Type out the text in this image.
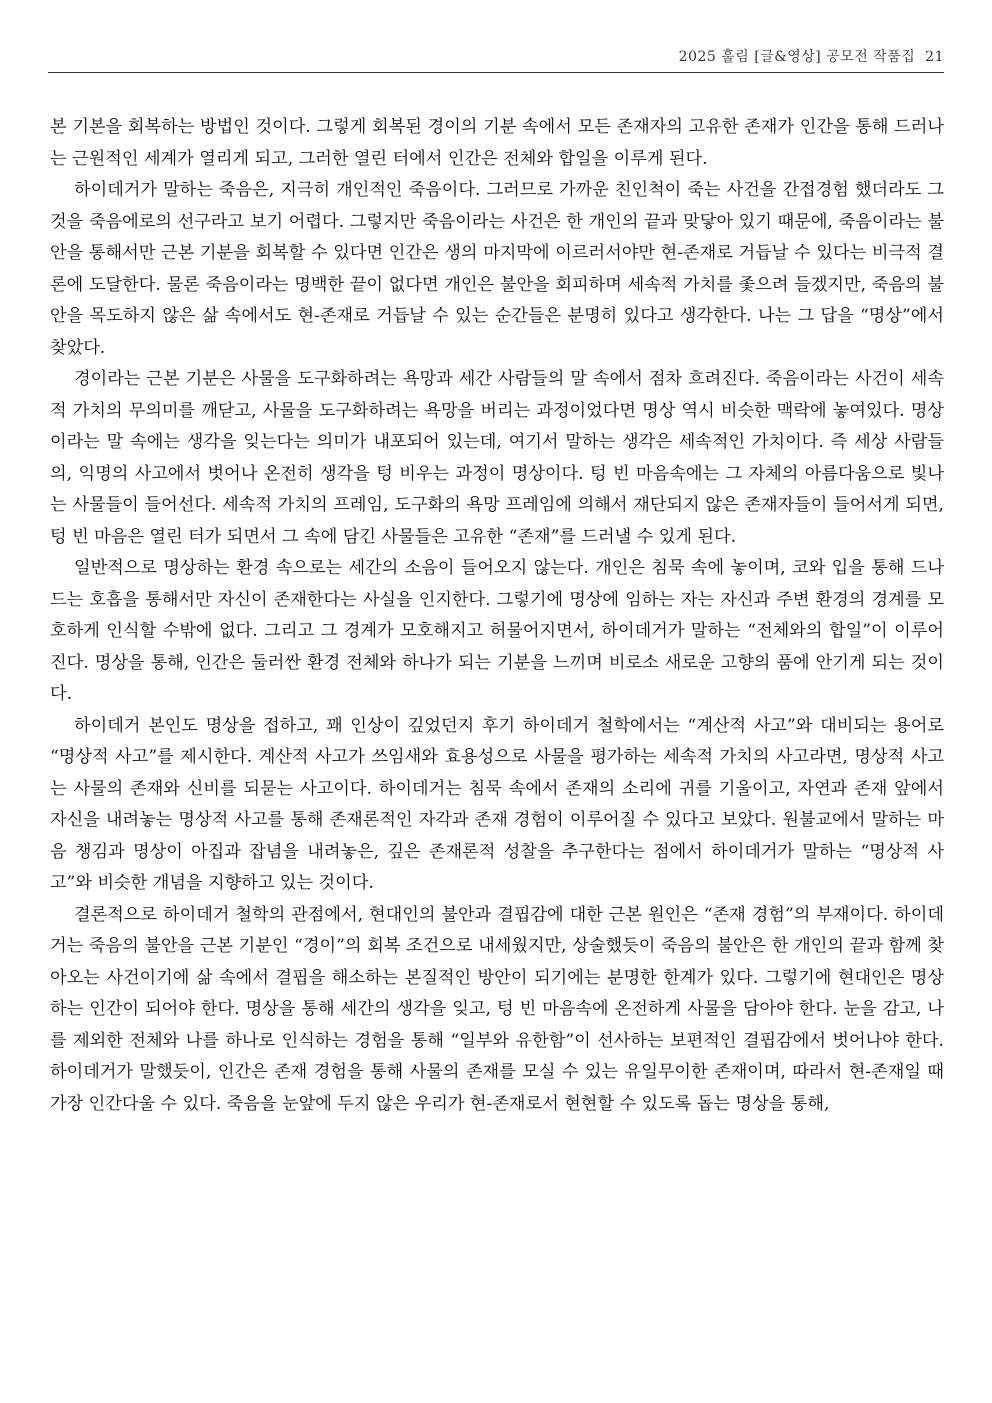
2025 훌림 [글&영상] 공모전 작품집 21

본 기본을 회복하는 방법인 것이다. 그렇게 회복된 경이의 기분 속에서 모든 존재자의 고유한 존재가 인간을 통해 드러나는 근원적인 세계가 열리게 되고, 그러한 열린 터에서 인간은 전체와 합일을 이루게 된다.

하이데거가 말하는 죽음은, 지극히 개인적인 죽음이다. 그러므로 가까운 친인척이 죽는 사건을 간접경험 했더라도 그것을 죽음에로의 선구라고 보기 어렵다. 그렇지만 죽음이라는 사건은 한 개인의 끝과 맞닿아 있기 때문에, 죽음이라는 불안을 통해서만 근본 기분을 회복할 수 있다면 인간은 생의 마지막에 이르러서야만 현-존재로 거듭날 수 있다는 비극적 결론에 도달한다. 물론 죽음이라는 명백한 끝이 없다면 개인은 불안을 회피하며 세속적 가치를 좇으려 들겠지만, 죽음의 불안을 목도하지 않은 삶 속에서도 현-존재로 거듭날 수 있는 순간들은 분명히 있다고 생각한다. 나는 그 답을 “명상”에서 찾았다.

경이라는 근본 기분은 사물을 도구화하려는 욕망과 세간 사람들의 말 속에서 점차 흐려진다. 죽음이라는 사건이 세속적 가치의 무의미를 깨닫고, 사물을 도구화하려는 욕망을 버리는 과정이었다면 명상 역시 비슷한 맥락에 놓여있다. 명상이라는 말 속에는 생각을 잊는다는 의미가 내포되어 있는데, 여기서 말하는 생각은 세속적인 가치이다. 즉 세상 사람들의, 익명의 사고에서 벗어나 온전히 생각을 텅 비우는 과정이 명상이다. 텅 빈 마음속에는 그 자체의 아름다움으로 빛나는 사물들이 들어선다. 세속적 가치의 프레임, 도구화의 욕망 프레임에 의해서 재단되지 않은 존재자들이 들어서게 되면, 텅 빈 마음은 열린 터가 되면서 그 속에 담긴 사물들은 고유한 “존재”를 드러낼 수 있게 된다.

일반적으로 명상하는 환경 속으로는 세간의 소음이 들어오지 않는다. 개인은 침묵 속에 놓이며, 코와 입을 통해 드나드는 호흡을 통해서만 자신이 존재한다는 사실을 인지한다. 그렇기에 명상에 임하는 자는 자신과 주변 환경의 경계를 모호하게 인식할 수밖에 없다. 그리고 그 경계가 모호해지고 허물어지면서, 하이데거가 말하는 “전체와의 합일”이 이루어진다. 명상을 통해, 인간은 둘러싼 환경 전체와 하나가 되는 기분을 느끼며 비로소 새로운 고향의 품에 안기게 되는 것이다.

하이데거 본인도 명상을 접하고, 꽤 인상이 깊었던지 후기 하이데거 철학에서는 “계산적 사고”와 대비되는 용어로 “명상적 사고”를 제시한다. 계산적 사고가 쓰임새와 효용성으로 사물을 평가하는 세속적 가치의 사고라면, 명상적 사고는 사물의 존재와 신비를 되묻는 사고이다. 하이데거는 침묵 속에서 존재의 소리에 귀를 기울이고, 자연과 존재 앞에서 자신을 내려놓는 명상적 사고를 통해 존재론적인 자각과 존재 경험이 이루어질 수 있다고 보았다. 원불교에서 말하는 마음 챙김과 명상이 아집과 잡념을 내려놓은, 깊은 존재론적 성찰을 추구한다는 점에서 하이데거가 말하는 “명상적 사고”와 비슷한 개념을 지향하고 있는 것이다.

결론적으로 하이데거 철학의 관점에서, 현대인의 불안과 결핍감에 대한 근본 원인은 “존재 경험”의 부재이다. 하이데거는 죽음의 불안을 근본 기분인 “경이”의 회복 조건으로 내세웠지만, 상술했듯이 죽음의 불안은 한 개인의 끝과 함께 찾아오는 사건이기에 삶 속에서 결핍을 해소하는 본질적인 방안이 되기에는 분명한 한계가 있다. 그렇기에 현대인은 명상하는 인간이 되어야 한다. 명상을 통해 세간의 생각을 잊고, 텅 빈 마음속에 온전하게 사물을 담아야 한다. 눈을 감고, 나를 제외한 전체와 나를 하나로 인식하는 경험을 통해 “일부와 유한함”이 선사하는 보편적인 결핍감에서 벗어나야 한다. 하이데거가 말했듯이, 인간은 존재 경험을 통해 사물의 존재를 모실 수 있는 유일무이한 존재이며, 따라서 현-존재일 때 가장 인간다울 수 있다. 죽음을 눈앞에 두지 않은 우리가 현-존재로서 현현할 수 있도록 돕는 명상을 통해,
